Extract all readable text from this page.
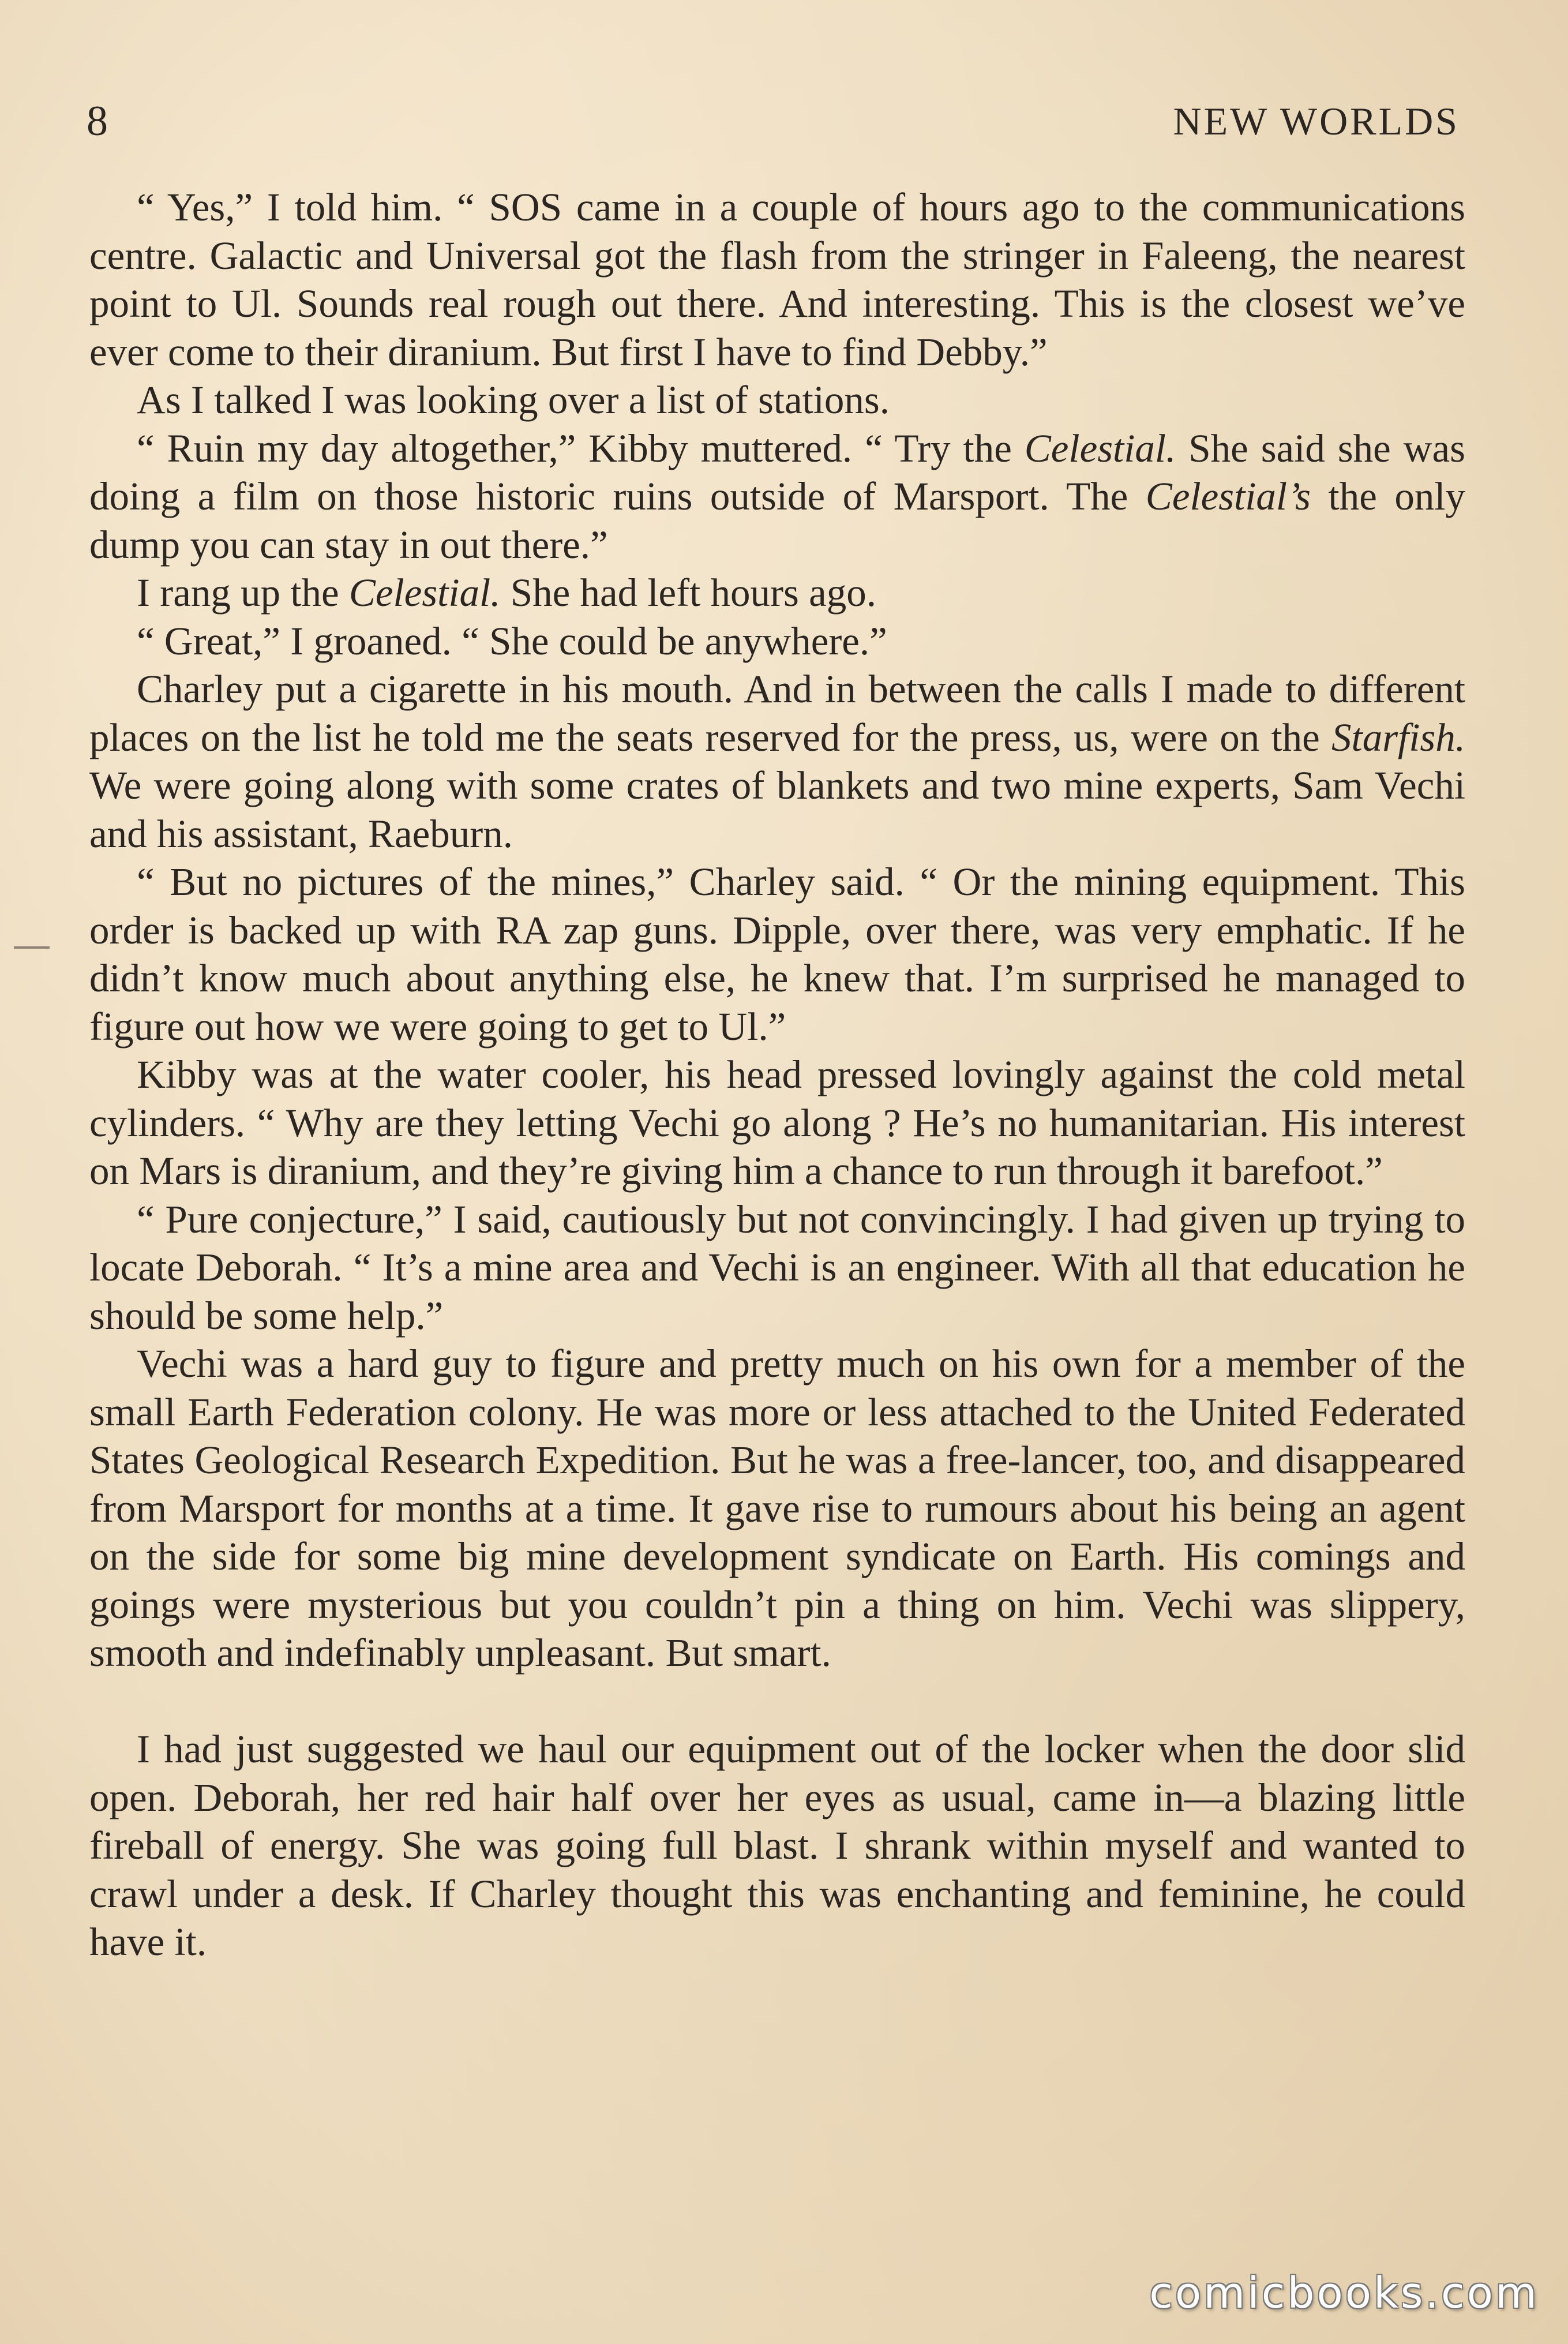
8	NEW WORLDS

“ Yes,” I told him. “ SOS came in a couple of hours ago to the communications centre. Galactic and Universal got the flash from the stringer in Faleeng, the nearest point to Ul. Sounds real rough out there. And interesting. This is the closest we’ve ever come to their diranium. But first I have to find Debby.”

As I talked I was looking over a list of stations.

“ Ruin my day altogether,” Kibby muttered. “ Try the Celestial. She said she was doing a film on those historic ruins outside of Marsport. The Celestial’s the only dump you can stay in out there.”

I rang up the Celestial. She had left hours ago.

“ Great,” I groaned. “ She could be anywhere.”

Charley put a cigarette in his mouth. And in between the calls I made to different places on the list he told me the seats reserved for the press, us, were on the Starfish. We were going along with some crates of blankets and two mine experts, Sam Vechi and his assistant, Raeburn.

“ But no pictures of the mines,” Charley said. “ Or the mining equipment. This order is backed up with RA zap guns. Dipple, over there, was very emphatic. If he didn’t know much about anything else, he knew that. I’m surprised he managed to figure out how we were going to get to Ul.”

Kibby was at the water cooler, his head pressed lovingly against the cold metal cylinders. “ Why are they letting Vechi go along ? He’s no humanitarian. His interest on Mars is diranium, and they’re giving him a chance to run through it barefoot.”

“ Pure conjecture,” I said, cautiously but not convincingly. I had given up trying to locate Deborah. “ It’s a mine area and Vechi is an engineer. With all that education he should be some help.”

Vechi was a hard guy to figure and pretty much on his own for a member of the small Earth Federation colony. He was more or less attached to the United Federated States Geological Research Expedition. But he was a free-lancer, too, and disappeared from Marsport for months at a time. It gave rise to rumours about his being an agent on the side for some big mine development syndicate on Earth. His comings and goings were mysterious but you couldn’t pin a thing on him. Vechi was slippery, smooth and indefinably unpleasant. But smart.

I had just suggested we haul our equipment out of the locker when the door slid open. Deborah, her red hair half over her eyes as usual, came in—a blazing little fireball of energy. She was going full blast. I shrank within myself and wanted to crawl under a desk. If Charley thought this was enchanting and feminine, he could have it.

comicbooks.com
